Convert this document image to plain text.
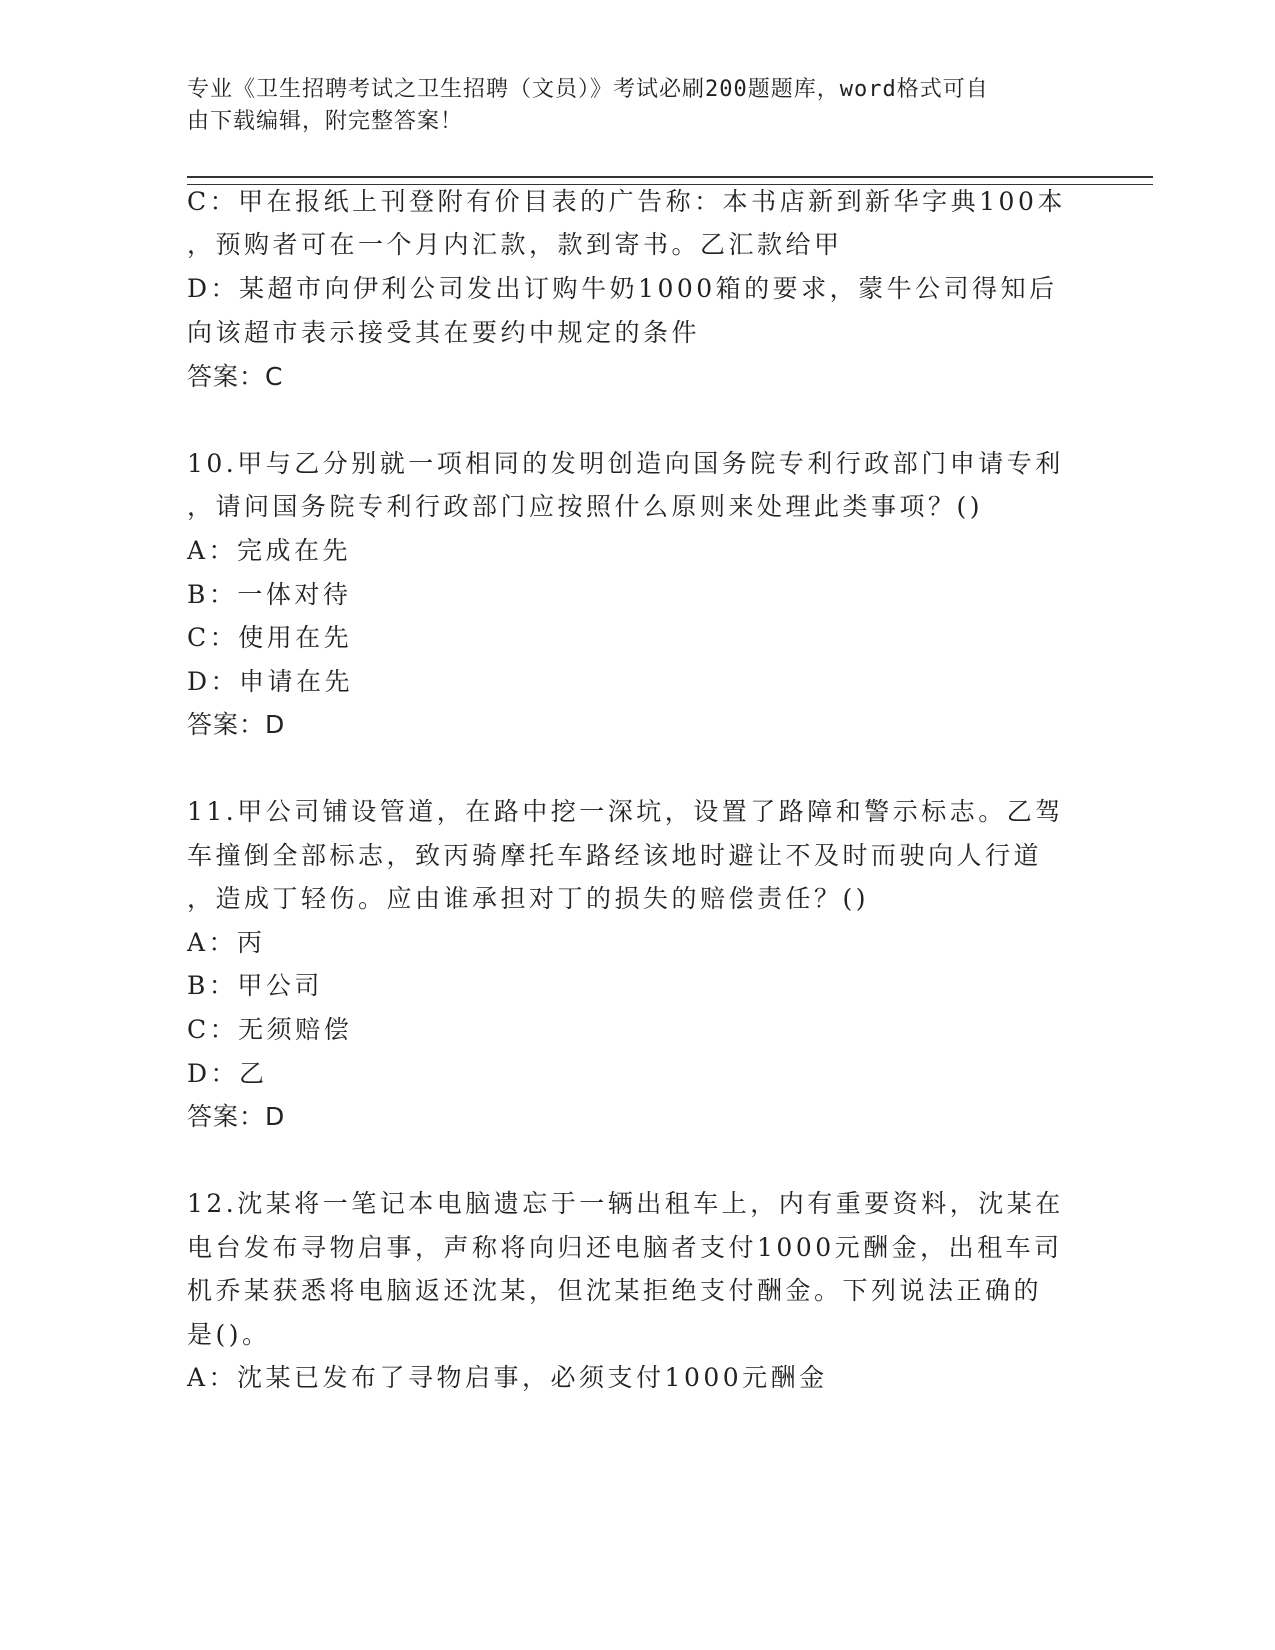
专业《卫生招聘考试之卫生招聘（文员）》考试必刷200题题库，word格式可自
由下载编辑，附完整答案！
C：甲在报纸上刊登附有价目表的广告称：本书店新到新华字典100本
，预购者可在一个月内汇款，款到寄书。乙汇款给甲
D：某超市向伊利公司发出订购牛奶1000箱的要求，蒙牛公司得知后
向该超市表示接受其在要约中规定的条件
答案：C
10.甲与乙分别就一项相同的发明创造向国务院专利行政部门申请专利
，请问国务院专利行政部门应按照什么原则来处理此类事项？()
A：完成在先
B：一体对待
C：使用在先
D：申请在先
答案：D
11.甲公司铺设管道，在路中挖一深坑，设置了路障和警示标志。乙驾
车撞倒全部标志，致丙骑摩托车路经该地时避让不及时而驶向人行道
，造成丁轻伤。应由谁承担对丁的损失的赔偿责任？()
A：丙
B：甲公司
C：无须赔偿
D：乙
答案：D
12.沈某将一笔记本电脑遗忘于一辆出租车上，内有重要资料，沈某在
电台发布寻物启事，声称将向归还电脑者支付1000元酬金，出租车司
机乔某获悉将电脑返还沈某，但沈某拒绝支付酬金。下列说法正确的
是()。
A：沈某已发布了寻物启事，必须支付1000元酬金
